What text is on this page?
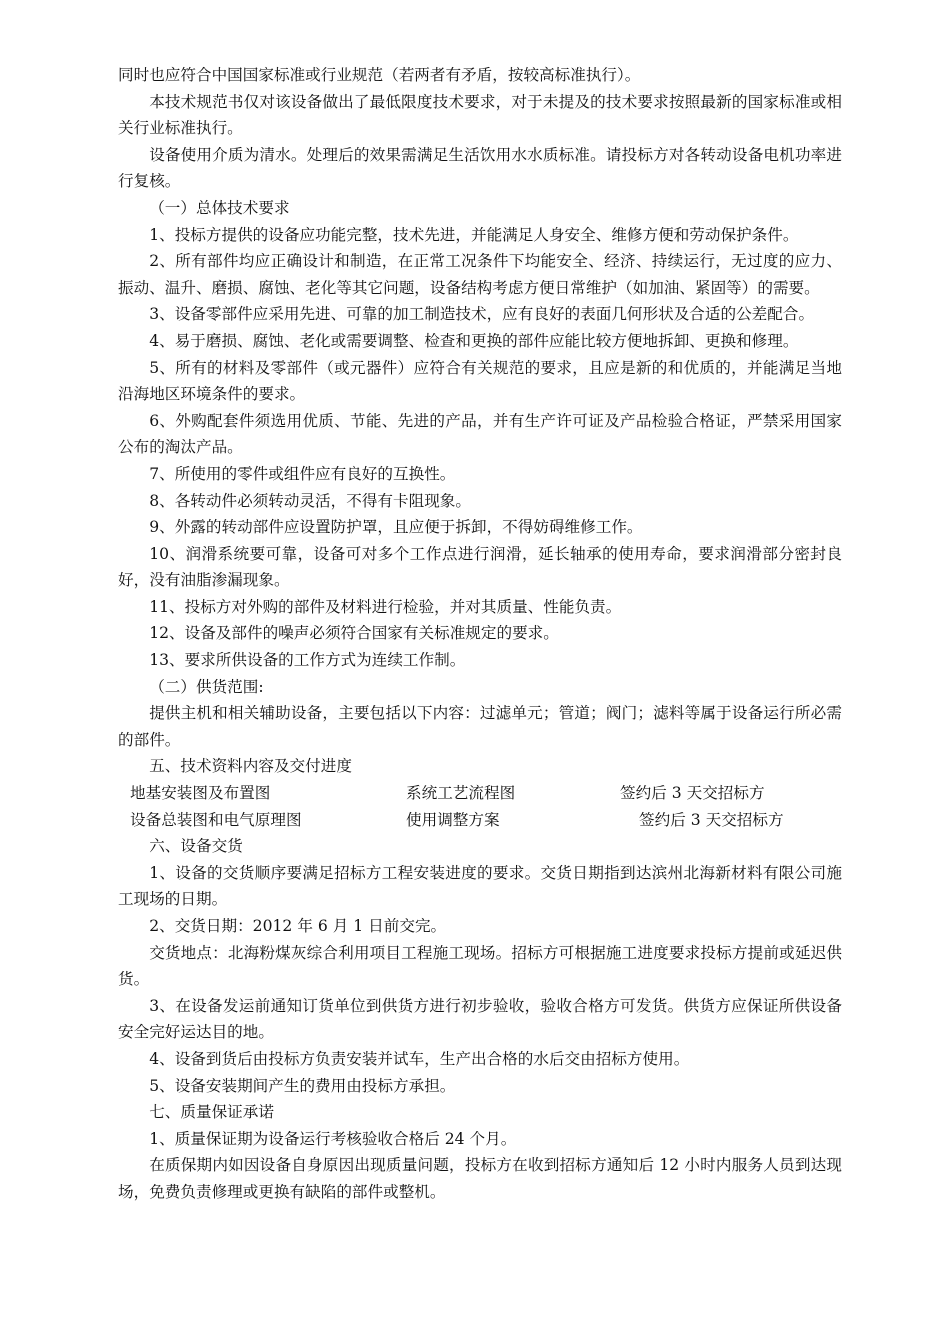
同时也应符合中国国家标准或行业规范（若两者有矛盾，按较高标准执行）。

本技术规范书仅对该设备做出了最低限度技术要求，对于未提及的技术要求按照最新的国家标准或相关行业标准执行。

设备使用介质为清水。处理后的效果需满足生活饮用水水质标准。请投标方对各转动设备电机功率进行复核。

（一）总体技术要求

1、投标方提供的设备应功能完整，技术先进，并能满足人身安全、维修方便和劳动保护条件。

2、所有部件均应正确设计和制造，在正常工况条件下均能安全、经济、持续运行，无过度的应力、振动、温升、磨损、腐蚀、老化等其它问题，设备结构考虑方便日常维护（如加油、紧固等）的需要。

3、设备零部件应采用先进、可靠的加工制造技术，应有良好的表面几何形状及合适的公差配合。

4、易于磨损、腐蚀、老化或需要调整、检查和更换的部件应能比较方便地拆卸、更换和修理。

5、所有的材料及零部件（或元器件）应符合有关规范的要求，且应是新的和优质的，并能满足当地沿海地区环境条件的要求。

6、外购配套件须选用优质、节能、先进的产品，并有生产许可证及产品检验合格证，严禁采用国家公布的淘汰产品。

7、所使用的零件或组件应有良好的互换性。

8、各转动件必须转动灵活，不得有卡阻现象。

9、外露的转动部件应设置防护罩，且应便于拆卸，不得妨碍维修工作。

10、润滑系统要可靠，设备可对多个工作点进行润滑，延长轴承的使用寿命，要求润滑部分密封良好，没有油脂渗漏现象。

11、投标方对外购的部件及材料进行检验，并对其质量、性能负责。

12、设备及部件的噪声必须符合国家有关标准规定的要求。

13、要求所供设备的工作方式为连续工作制。

（二）供货范围:

提供主机和相关辅助设备，主要包括以下内容：过滤单元；管道；阀门；滤料等属于设备运行所必需的部件。

五、技术资料内容及交付进度

地基安装图及布置图	系统工艺流程图	签约后 3 天交招标方
设备总装图和电气原理图	使用调整方案	签约后 3 天交招标方

六、设备交货

1、设备的交货顺序要满足招标方工程安装进度的要求。交货日期指到达滨州北海新材料有限公司施工现场的日期。

2、交货日期：2012 年 6 月 1 日前交完。

交货地点：北海粉煤灰综合利用项目工程施工现场。招标方可根据施工进度要求投标方提前或延迟供货。

3、在设备发运前通知订货单位到供货方进行初步验收，验收合格方可发货。供货方应保证所供设备安全完好运达目的地。

4、设备到货后由投标方负责安装并试车，生产出合格的水后交由招标方使用。

5、设备安装期间产生的费用由投标方承担。

七、质量保证承诺

1、质量保证期为设备运行考核验收合格后 24 个月。

在质保期内如因设备自身原因出现质量问题，投标方在收到招标方通知后 12 小时内服务人员到达现场，免费负责修理或更换有缺陷的部件或整机。
